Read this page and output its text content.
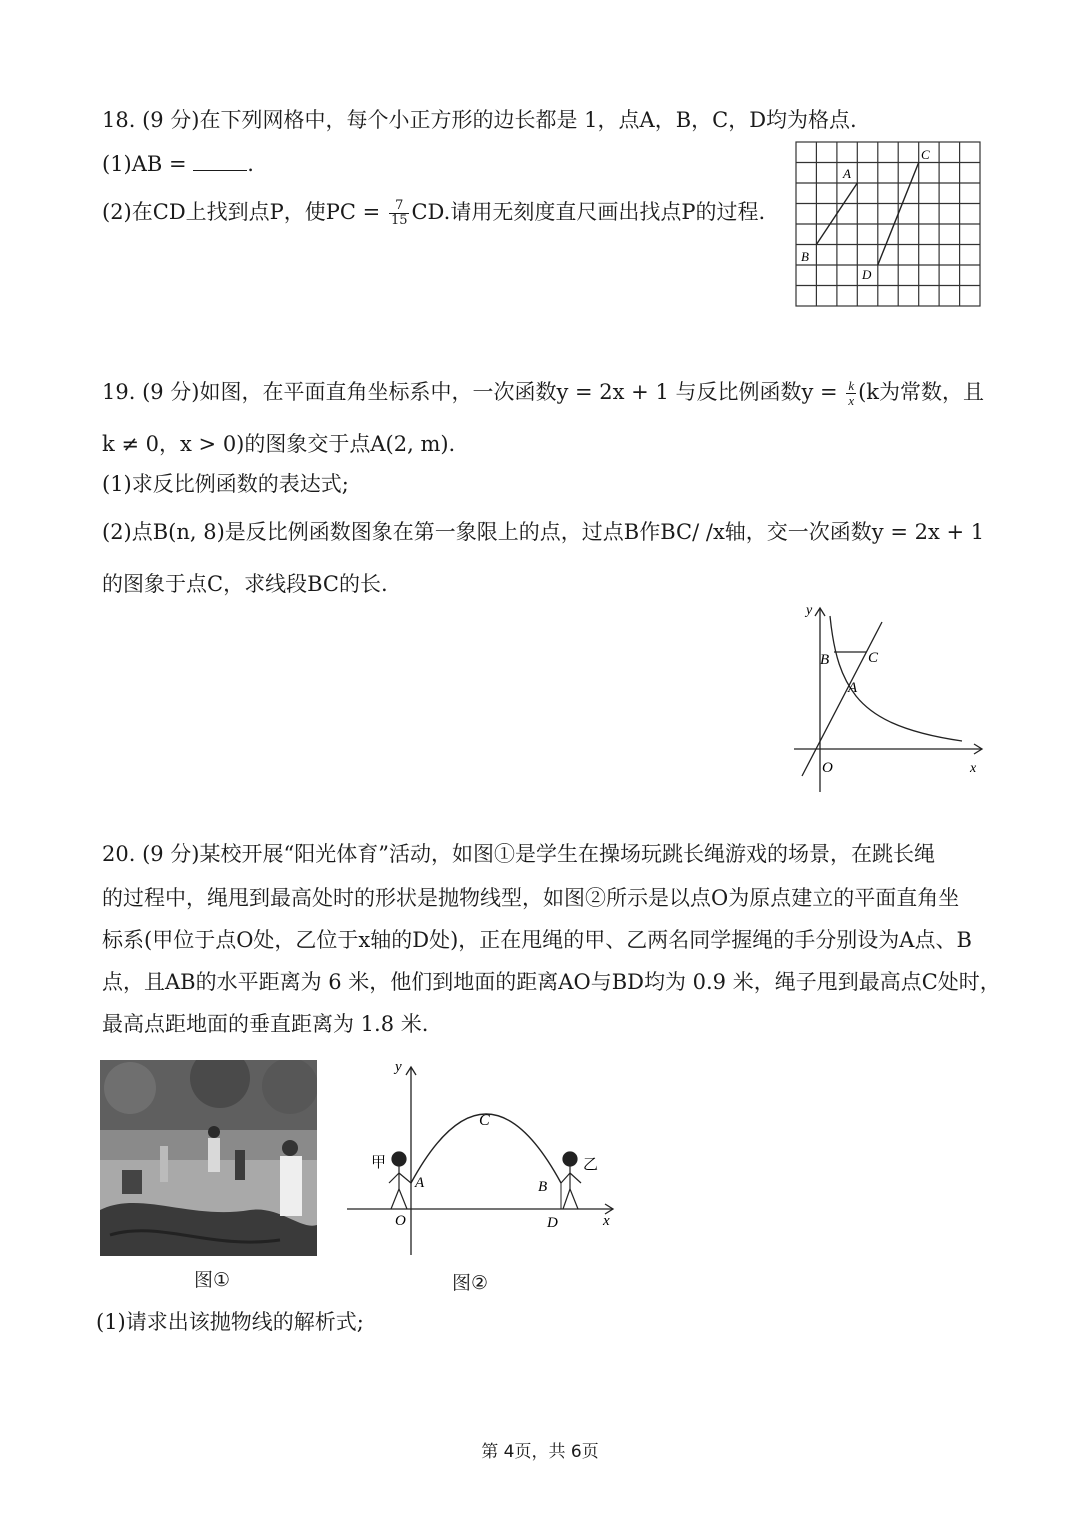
18. (9 分)在下列网格中，每个小正方形的边长都是 1，点A，B，C，D均为格点.
(1)AB =	.
(2)在CD上找到点P，使PC = $\frac{7}{15}$ CD.请用无刻度直尺画出找点P的过程.
A
B
C
D
19. (9 分)如图，在平面直角坐标系中，一次函数y = 2x + 1 与反比例函数$y = \frac{k}{x} (k$为常数，且
k ≠ 0，x > 0)的图象交于点A(2, m).
(1)求反比例函数的表达式;
(2)点B(n, 8)是反比例函数图象在第一象限上的点，过点B作BC/ /x轴，交一次函数y = 2x + 1
的图象于点C，求线段BC的长.
y
x
O
A
B	C
20. (9 分)某校开展“阳光体育”活动，如图①是学生在操场玩跳长绳游戏的场景，在跳长绳
的过程中，绳甩到最高处时的形状是抛物线型，如图②所示是以点O为原点建立的平面直角坐
标系(甲位于点O处，乙位于x轴的D处)，正在甩绳的甲、乙两名同学握绳的手分别设为A点、B
点，且AB的水平距离为 6 米，他们到地面的距离AO与BD均为 0.9 米，绳子甩到最高点C处时，
最高点距地面的垂直距离为 1.8 米.
图①
y
x
O
A	B
C
D
甲	乙
图②
(1)请求出该抛物线的解析式;
第 4页，共 6页
